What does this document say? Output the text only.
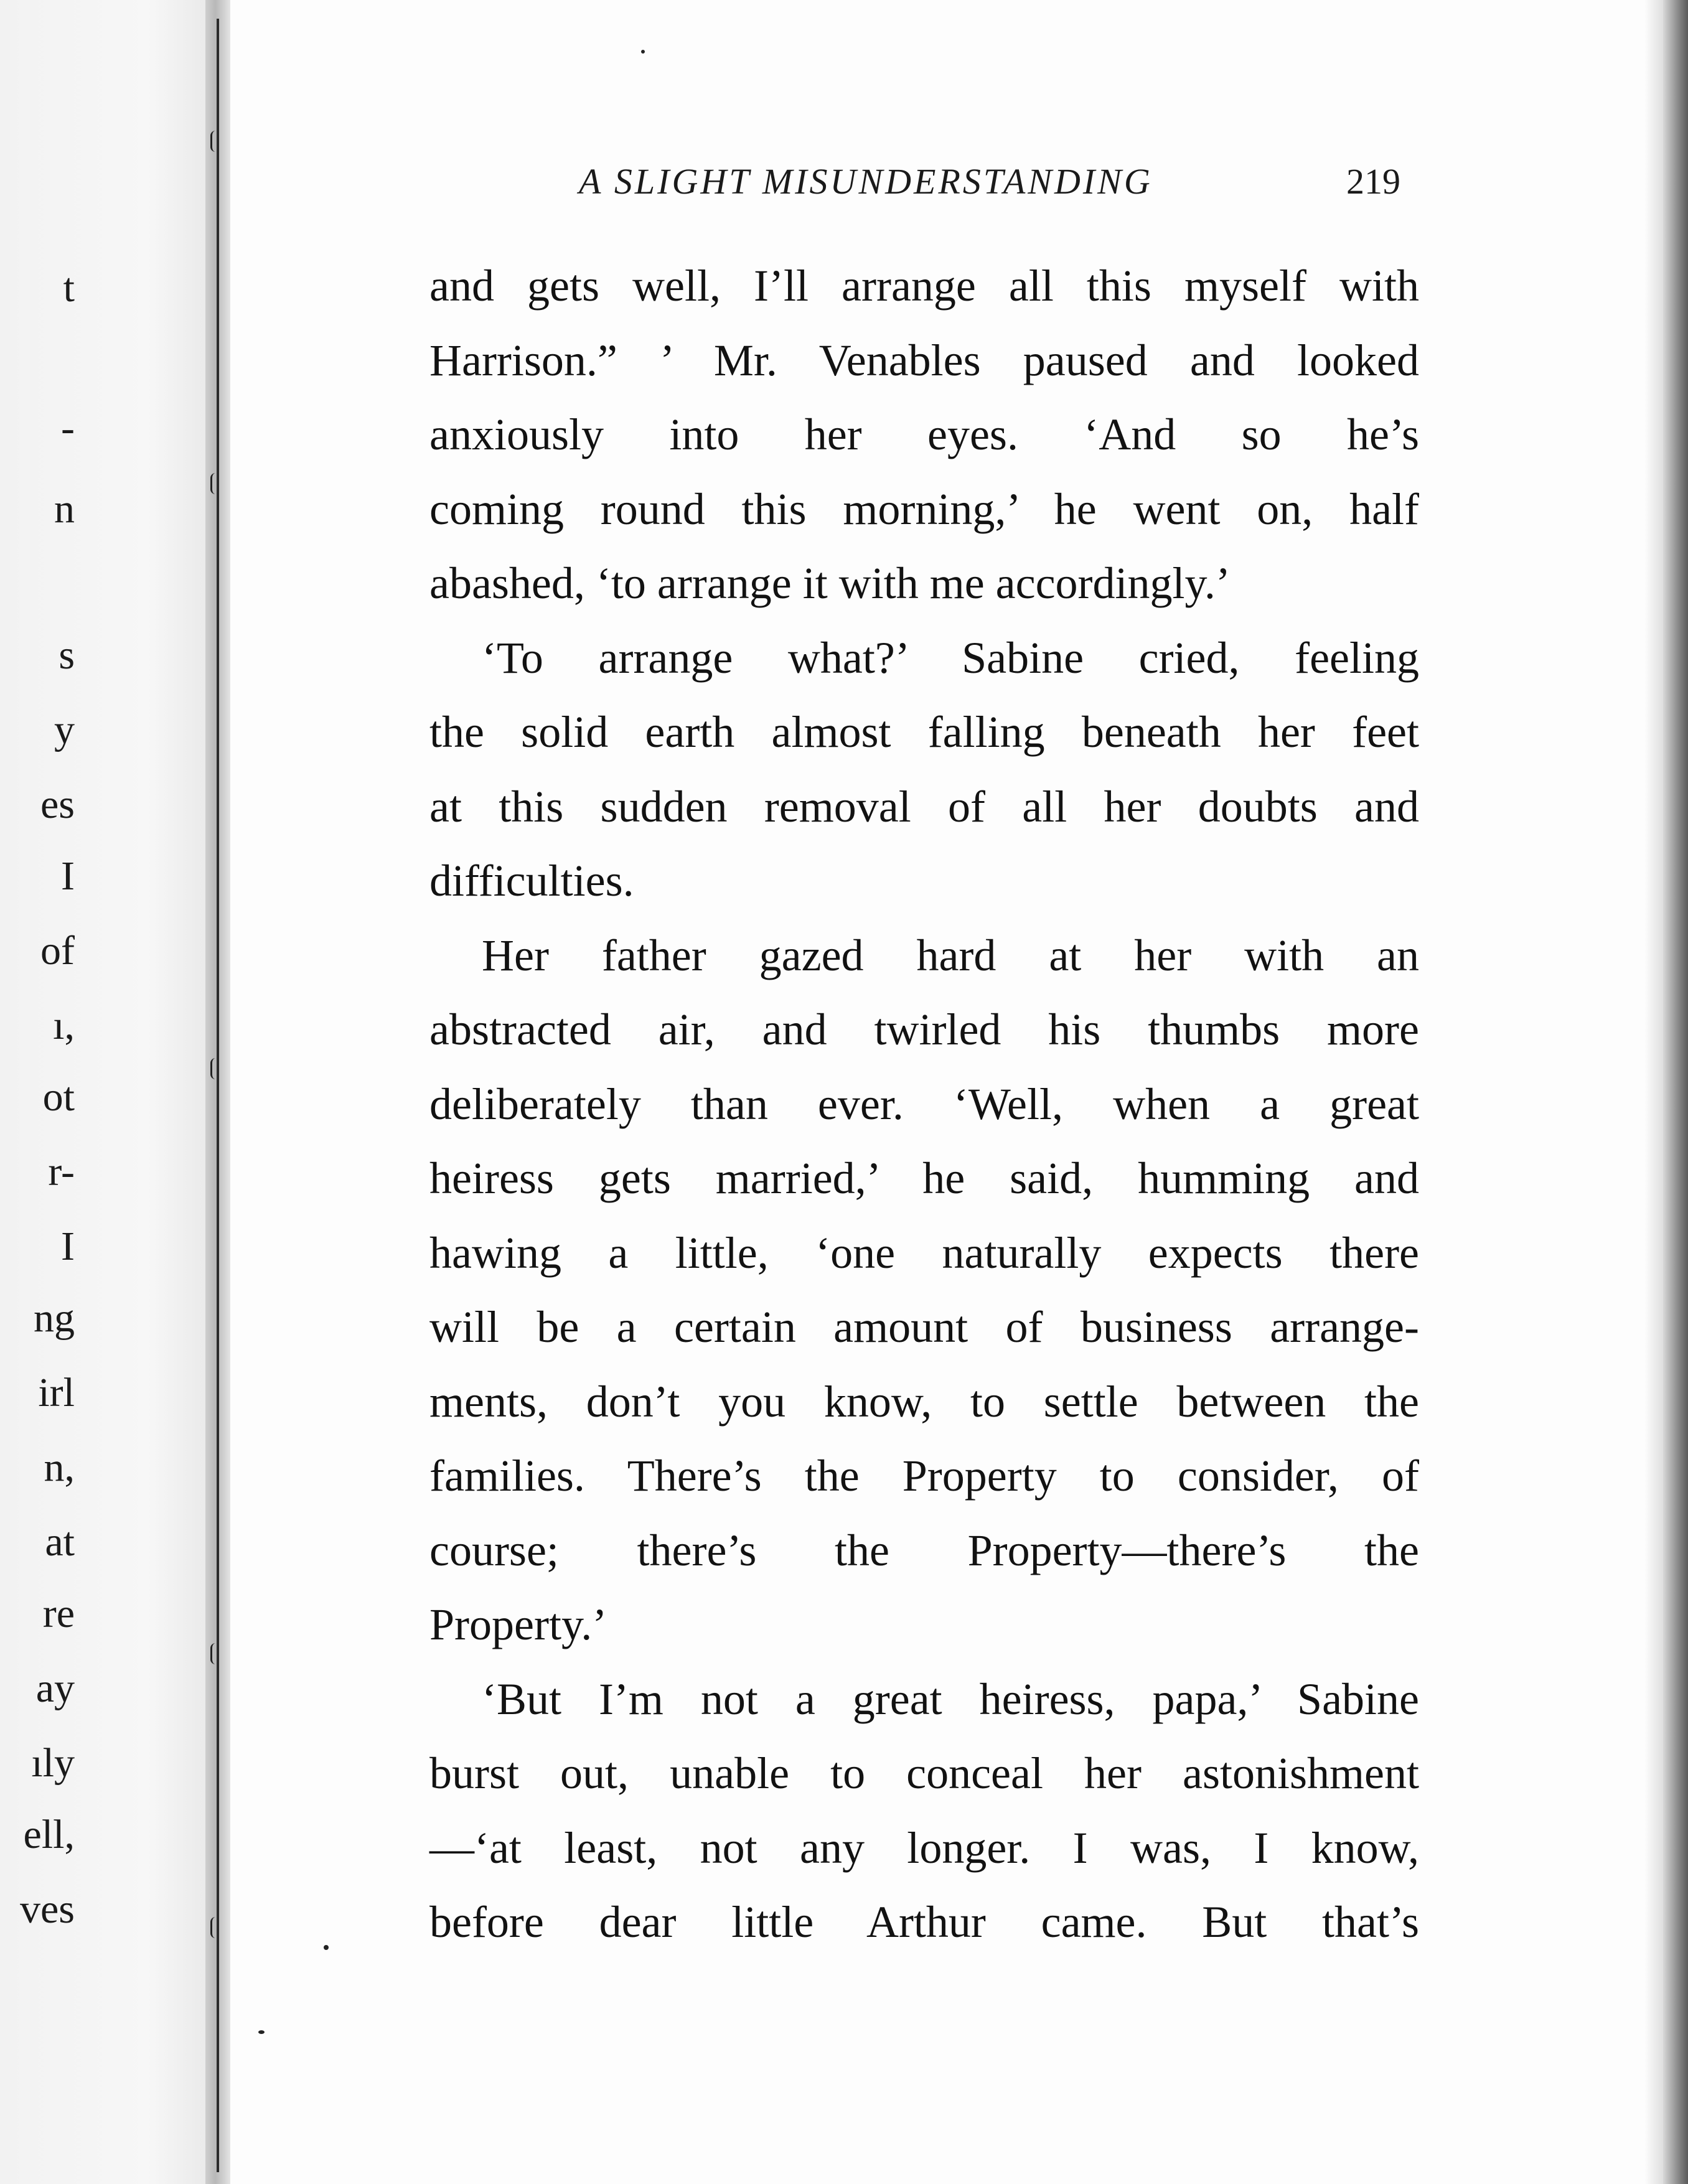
t
-
n
s
y
es
I
of
ı,
ot
r-
I
ng
irl
n,
at
re
ay
ıly
ell,
ves
A SLIGHT MISUNDERSTANDING	219
and gets well, I’ll arrange all this myself with
Harrison.” ’ Mr. Venables paused and looked
anxiously into her eyes. ‘And so he’s
coming round this morning,’ he went on, half
abashed, ‘to arrange it with me accordingly.’
‘To arrange what?’ Sabine cried, feeling
the solid earth almost falling beneath her feet
at this sudden removal of all her doubts and
difficulties.
Her father gazed hard at her with an
abstracted air, and twirled his thumbs more
deliberately than ever. ‘Well, when a great
heiress gets married,’ he said, humming and
hawing a little, ‘one naturally expects there
will be a certain amount of business arrange-
ments, don’t you know, to settle between the
families. There’s the Property to consider, of
course; there’s the Property—there’s the
Property.’
‘But I’m not a great heiress, papa,’ Sabine
burst out, unable to conceal her astonishment
—‘at least, not any longer. I was, I know,
before dear little Arthur came. But that’s
